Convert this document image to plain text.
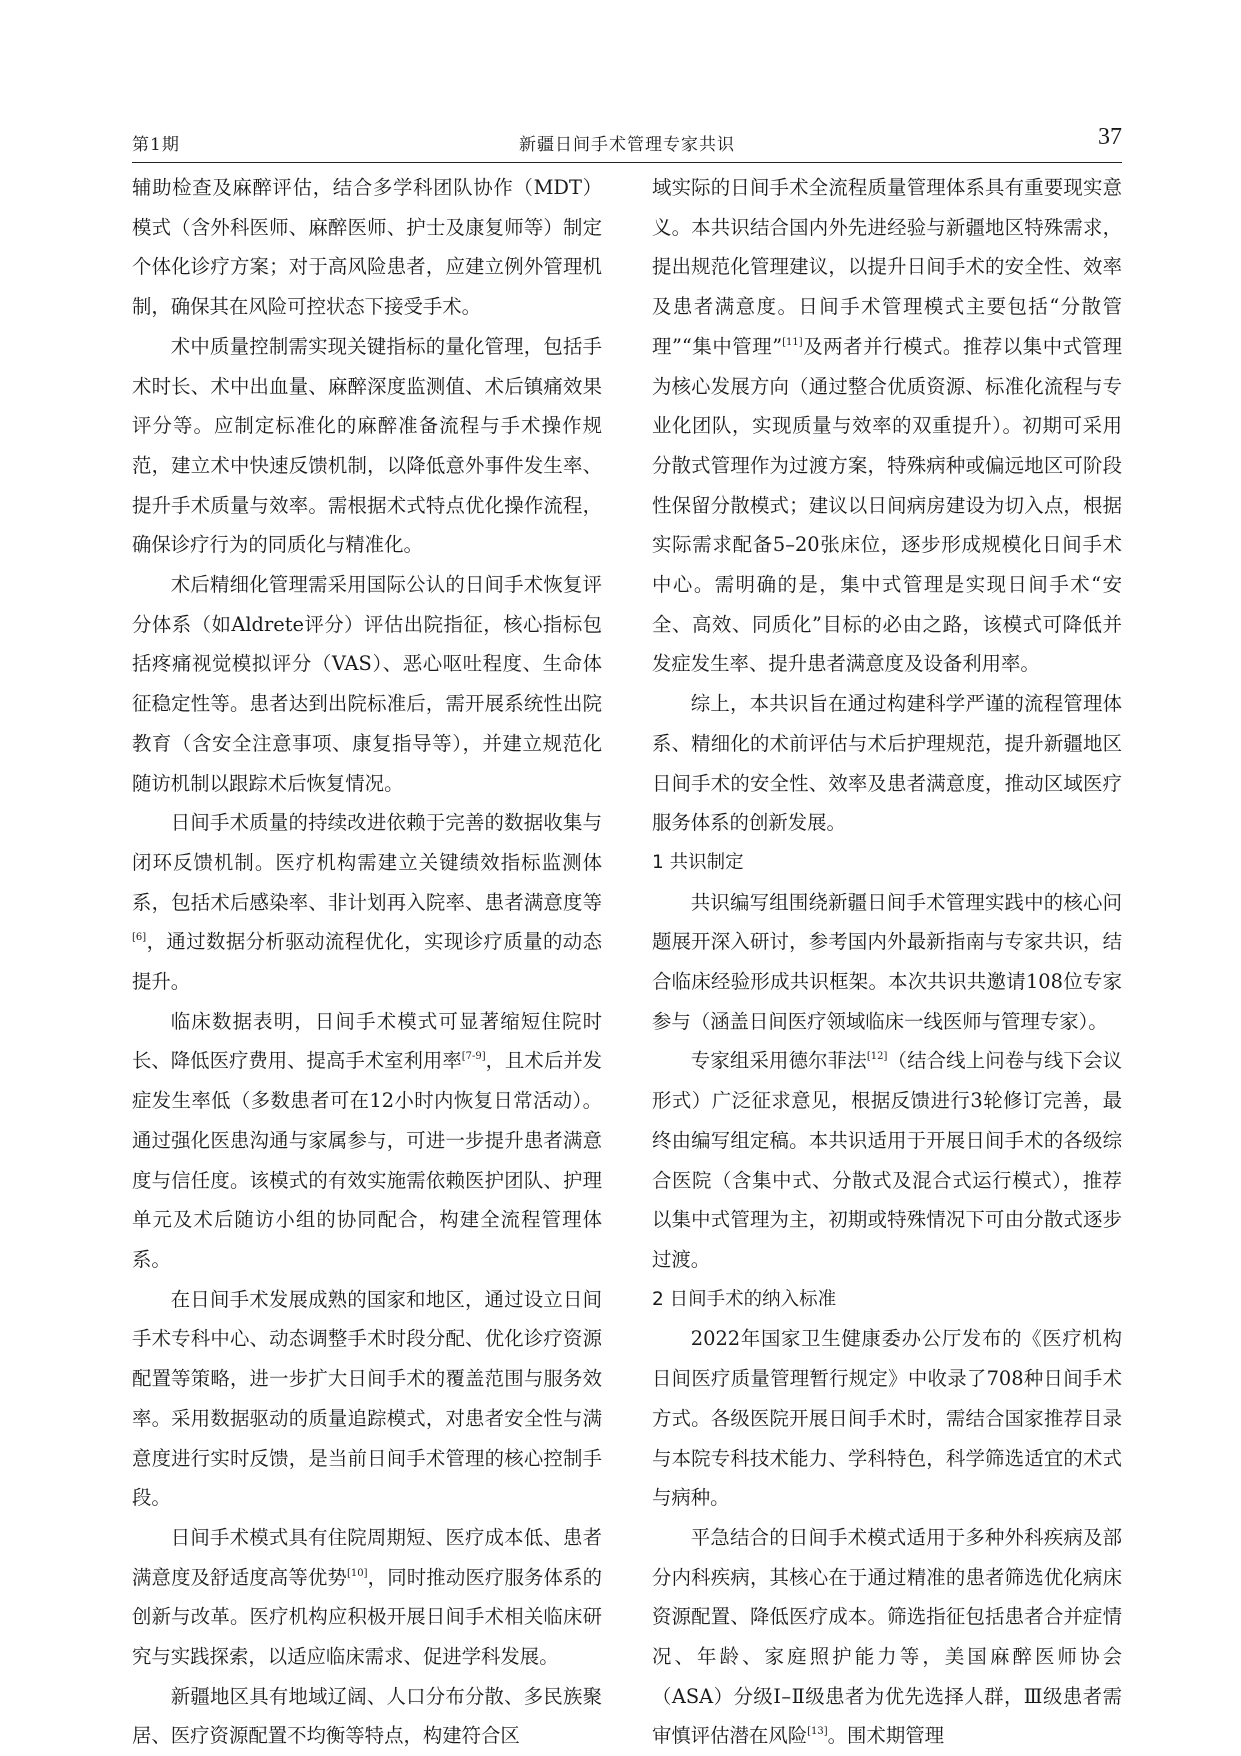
第1期	新疆日间手术管理专家共识	37

辅助检查及麻醉评估，结合多学科团队协作（MDT）模式（含外科医师、麻醉医师、护士及康复师等）制定个体化诊疗方案；对于高风险患者，应建立例外管理机制，确保其在风险可控状态下接受手术。

术中质量控制需实现关键指标的量化管理，包括手术时长、术中出血量、麻醉深度监测值、术后镇痛效果评分等。应制定标准化的麻醉准备流程与手术操作规范，建立术中快速反馈机制，以降低意外事件发生率、提升手术质量与效率。需根据术式特点优化操作流程，确保诊疗行为的同质化与精准化。

术后精细化管理需采用国际公认的日间手术恢复评分体系（如Aldrete评分）评估出院指征，核心指标包括疼痛视觉模拟评分（VAS）、恶心呕吐程度、生命体征稳定性等。患者达到出院标准后，需开展系统性出院教育（含安全注意事项、康复指导等），并建立规范化随访机制以跟踪术后恢复情况。

日间手术质量的持续改进依赖于完善的数据收集与闭环反馈机制。医疗机构需建立关键绩效指标监测体系，包括术后感染率、非计划再入院率、患者满意度等[6]，通过数据分析驱动流程优化，实现诊疗质量的动态提升。

临床数据表明，日间手术模式可显著缩短住院时长、降低医疗费用、提高手术室利用率[7-9]，且术后并发症发生率低（多数患者可在12小时内恢复日常活动）。通过强化医患沟通与家属参与，可进一步提升患者满意度与信任度。该模式的有效实施需依赖医护团队、护理单元及术后随访小组的协同配合，构建全流程管理体系。

在日间手术发展成熟的国家和地区，通过设立日间手术专科中心、动态调整手术时段分配、优化诊疗资源配置等策略，进一步扩大日间手术的覆盖范围与服务效率。采用数据驱动的质量追踪模式，对患者安全性与满意度进行实时反馈，是当前日间手术管理的核心控制手段。

日间手术模式具有住院周期短、医疗成本低、患者满意度及舒适度高等优势[10]，同时推动医疗服务体系的创新与改革。医疗机构应积极开展日间手术相关临床研究与实践探索，以适应临床需求、促进学科发展。

新疆地区具有地域辽阔、人口分布分散、多民族聚居、医疗资源配置不均衡等特点，构建符合区

域实际的日间手术全流程质量管理体系具有重要现实意义。本共识结合国内外先进经验与新疆地区特殊需求，提出规范化管理建议，以提升日间手术的安全性、效率及患者满意度。日间手术管理模式主要包括“分散管理”“集中管理”[11]及两者并行模式。推荐以集中式管理为核心发展方向（通过整合优质资源、标准化流程与专业化团队，实现质量与效率的双重提升）。初期可采用分散式管理作为过渡方案，特殊病种或偏远地区可阶段性保留分散模式；建议以日间病房建设为切入点，根据实际需求配备5–20张床位，逐步形成规模化日间手术中心。需明确的是，集中式管理是实现日间手术“安全、高效、同质化”目标的必由之路，该模式可降低并发症发生率、提升患者满意度及设备利用率。

综上，本共识旨在通过构建科学严谨的流程管理体系、精细化的术前评估与术后护理规范，提升新疆地区日间手术的安全性、效率及患者满意度，推动区域医疗服务体系的创新发展。

1 共识制定

共识编写组围绕新疆日间手术管理实践中的核心问题展开深入研讨，参考国内外最新指南与专家共识，结合临床经验形成共识框架。本次共识共邀请108位专家参与（涵盖日间医疗领域临床一线医师与管理专家）。

专家组采用德尔菲法[12]（结合线上问卷与线下会议形式）广泛征求意见，根据反馈进行3轮修订完善，最终由编写组定稿。本共识适用于开展日间手术的各级综合医院（含集中式、分散式及混合式运行模式），推荐以集中式管理为主，初期或特殊情况下可由分散式逐步过渡。

2 日间手术的纳入标准

2022年国家卫生健康委办公厅发布的《医疗机构日间医疗质量管理暂行规定》中收录了708种日间手术方式。各级医院开展日间手术时，需结合国家推荐目录与本院专科技术能力、学科特色，科学筛选适宜的术式与病种。

平急结合的日间手术模式适用于多种外科疾病及部分内科疾病，其核心在于通过精准的患者筛选优化病床资源配置、降低医疗成本。筛选指征包括患者合并症情况、年龄、家庭照护能力等，美国麻醉医师协会（ASA）分级Ⅰ–Ⅱ级患者为优先选择人群，Ⅲ级患者需审慎评估潜在风险[13]。围术期管理
